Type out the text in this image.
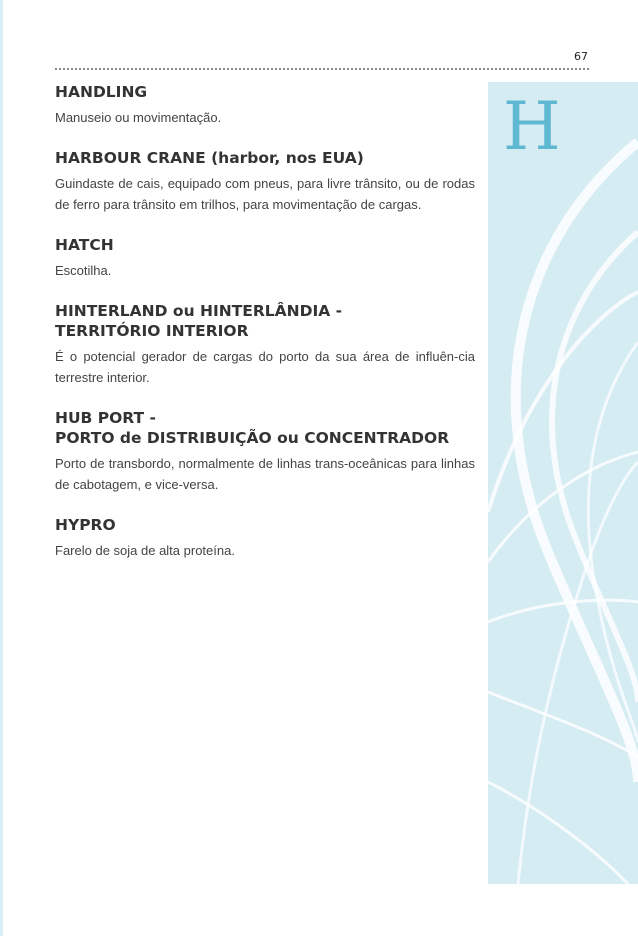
67
H
HANDLING

Manuseio ou movimentação.

HARBOUR CRANE (harbor, nos EUA)

Guindaste de cais, equipado com pneus, para livre trânsito, ou de rodas de ferro para trânsito em trilhos, para movimentação de cargas.

HATCH

Escotilha.

HINTERLAND ou HINTERLÂNDIA -
TERRITÓRIO INTERIOR

É o potencial gerador de cargas do porto da sua área de influên-cia terrestre interior.

HUB PORT -
PORTO de DISTRIBUIÇÃO ou CONCENTRADOR

Porto de transbordo, normalmente de linhas trans-oceânicas para linhas de cabotagem, e vice-versa.

HYPRO

Farelo de soja de alta proteína.
